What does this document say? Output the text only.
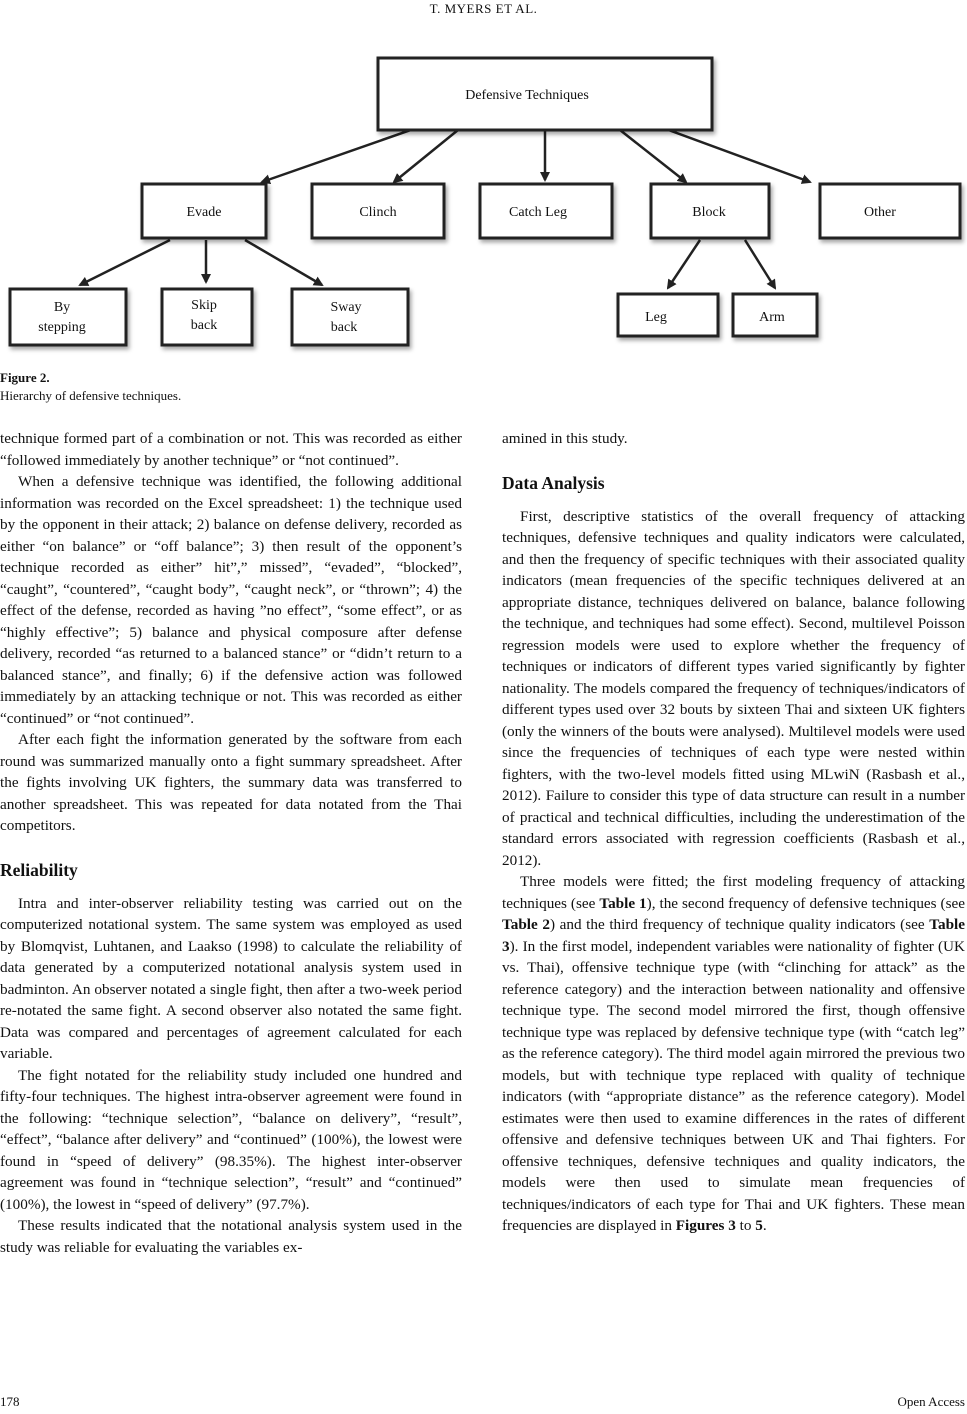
T. MYERS ET AL.
Defensive Techniques
Evade	Clinch	Catch Leg	Block	Other
By
stepping
Skip
back
Sway
back
Leg	Arm
Figure 2.
Hierarchy of defensive techniques.

technique formed part of a combination or not. This was recorded as either “followed immediately by another technique” or “not continued”.

When a defensive technique was identified, the following additional information was recorded on the Excel spreadsheet: 1) the technique used by the opponent in their attack; 2) balance on defense delivery, recorded as either “on balance” or “off balance”; 3) then result of the opponent’s technique recorded as either” hit”,” missed”, “evaded”, “blocked”, “caught”, “countered”, “caught body”, “caught neck”, or “thrown”; 4) the effect of the defense, recorded as having ”no effect”, “some effect”, or as “highly effective”; 5) balance and physical composure after defense delivery, recorded “as returned to a balanced stance” or “didn’t return to a balanced stance”, and finally; 6) if the defensive action was followed immediately by an attacking technique or not. This was recorded as either “continued” or “not continued”.

After each fight the information generated by the software from each round was summarized manually onto a fight summary spreadsheet. After the fights involving UK fighters, the summary data was transferred to another spreadsheet. This was repeated for data notated from the Thai competitors.

Reliability

Intra and inter-observer reliability testing was carried out on the computerized notational system. The same system was employed as used by Blomqvist, Luhtanen, and Laakso (1998) to calculate the reliability of data generated by a computerized notational analysis system used in badminton. An observer notated a single fight, then after a two-week period re-notated the same fight. A second observer also notated the same fight. Data was compared and percentages of agreement calculated for each variable.

The fight notated for the reliability study included one hundred and fifty-four techniques. The highest intra-observer agreement were found in the following: “technique selection”, “balance on delivery”, “result”, “effect”, “balance after delivery” and “continued” (100%), the lowest were found in “speed of delivery” (98.35%). The highest inter-observer agreement was found in “technique selection”, “result” and “continued” (100%), the lowest in “speed of delivery” (97.7%).

These results indicated that the notational analysis system used in the study was reliable for evaluating the variables ex-

amined in this study.

Data Analysis

First, descriptive statistics of the overall frequency of attacking techniques, defensive techniques and quality indicators were calculated, and then the frequency of specific techniques with their associated quality indicators (mean frequencies of the specific techniques delivered at an appropriate distance, techniques delivered on balance, balance following the technique, and techniques had some effect). Second, multilevel Poisson regression models were used to explore whether the frequency of techniques or indicators of different types varied significantly by fighter nationality. The models compared the frequency of techniques/indicators of different types used over 32 bouts by sixteen Thai and sixteen UK fighters (only the winners of the bouts were analysed). Multilevel models were used since the frequencies of techniques of each type were nested within fighters, with the two-level models fitted using MLwiN (Rasbash et al., 2012). Failure to consider this type of data structure can result in a number of practical and technical difficulties, including the underestimation of the standard errors associated with regression coefficients (Rasbash et al., 2012).

Three models were fitted; the first modeling frequency of attacking techniques (see Table 1), the second frequency of defensive techniques (see Table 2) and the third frequency of technique quality indicators (see Table 3). In the first model, independent variables were nationality of fighter (UK vs. Thai), offensive technique type (with “clinching for attack” as the reference category) and the interaction between nationality and offensive technique type. The second model mirrored the first, though offensive technique type was replaced by defensive technique type (with “catch leg” as the reference category). The third model again mirrored the previous two models, but with technique type replaced with quality of technique indicators (with “appropriate distance” as the reference category). Model estimates were then used to examine differences in the rates of different offensive and defensive techniques between UK and Thai fighters. For offensive techniques, defensive techniques and quality indicators, the models were then used to simulate mean frequencies of techniques/indicators of each type for Thai and UK fighters. These mean frequencies are displayed in Figures 3 to 5.

178	Open Access
